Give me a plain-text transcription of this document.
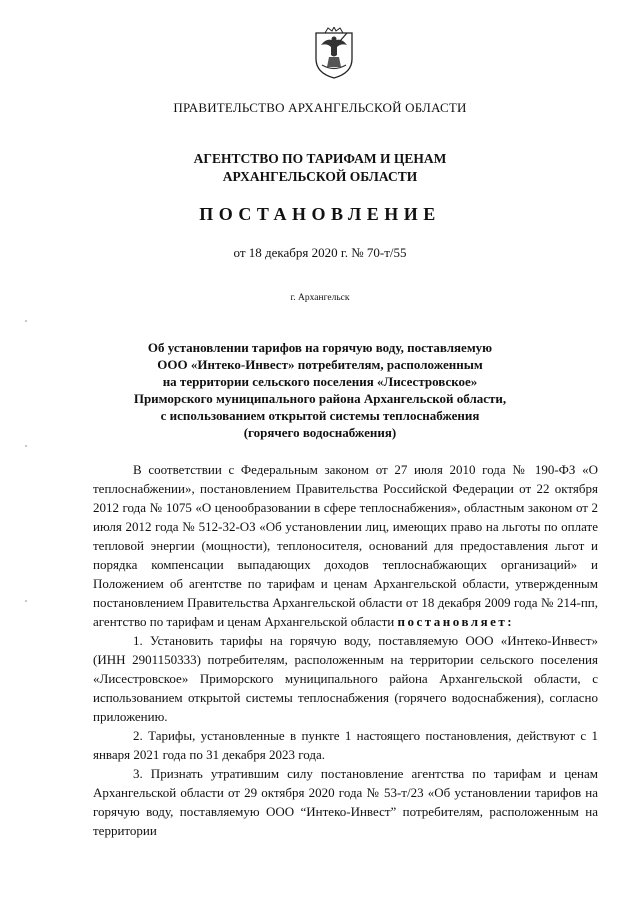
ПРАВИТЕЛЬСТВО АРХАНГЕЛЬСКОЙ ОБЛАСТИ
АГЕНТСТВО ПО ТАРИФАМ И ЦЕНАМ
АРХАНГЕЛЬСКОЙ ОБЛАСТИ
ПОСТАНОВЛЕНИЕ
от 18 декабря 2020 г. № 70-т/55
г. Архангельск
Об установлении тарифов на горячую воду, поставляемую
ООО «Интеко-Инвест» потребителям, расположенным
на территории сельского поселения «Лисестровское»
Приморского муниципального района Архангельской области,
с использованием открытой системы теплоснабжения
(горячего водоснабжения)

В соответствии с Федеральным законом от 27 июля 2010 года № 190-ФЗ «О теплоснабжении», постановлением Правительства Российской Федерации от 22 октября 2012 года № 1075 «О ценообразовании в сфере теплоснабжения», областным законом от 2 июля 2012 года № 512-32-ОЗ «Об установлении лиц, имеющих право на льготы по оплате тепловой энергии (мощности), теплоносителя, оснований для предоставления льгот и порядка компенсации выпадающих доходов теплоснабжающих организаций» и Положением об агентстве по тарифам и ценам Архангельской области, утвержденным постановлением Правительства Архангельской области от 18 декабря 2009 года № 214-пп, агентство по тарифам и ценам Архангельской области постановляет:

1. Установить тарифы на горячую воду, поставляемую ООО «Интеко-Инвест» (ИНН 2901150333) потребителям, расположенным на территории сельского поселения «Лисестровское» Приморского муниципального района Архангельской области, с использованием открытой системы теплоснабжения (горячего водоснабжения), согласно приложению.

2. Тарифы, установленные в пункте 1 настоящего постановления, действуют с 1 января 2021 года по 31 декабря 2023 года.

3. Признать утратившим силу постановление агентства по тарифам и ценам Архангельской области от 29 октября 2020 года № 53-т/23 «Об установлении тарифов на горячую воду, поставляемую ООО “Интеко-Инвест” потребителям, расположенным на территории
